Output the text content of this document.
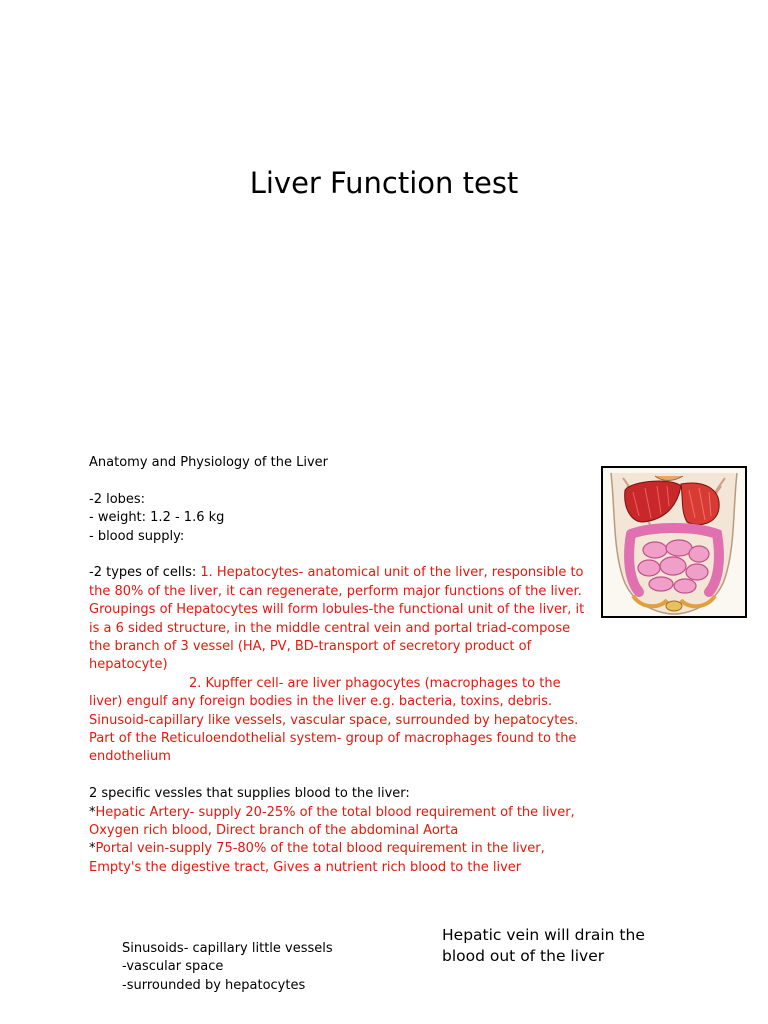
Liver Function test

Anatomy and Physiology of the Liver

-2 lobes:

- weight: 1.2 - 1.6 kg

- blood supply:

-2 types of cells: 1. Hepatocytes- anatomical unit of the liver, responsible to the 80% of the liver, it can regenerate, perform major functions of the liver. Groupings of Hepatocytes will form lobules-the functional unit of the liver, it is a 6 sided structure, in the middle central vein and portal triad-compose the branch of 3 vessel (HA, PV, BD-transport of secretory product of hepatocyte)

2. Kupffer cell- are liver phagocytes (macrophages to the liver) engulf any foreign bodies in the liver e.g. bacteria, toxins, debris.

Sinusoid-capillary like vessels, vascular space, surrounded by hepatocytes.

Part of the Reticuloendothelial system- group of macrophages found to the endothelium

2 specific vessles that supplies blood to the liver:

*Hepatic Artery- supply 20-25% of the total blood requirement of the liver, Oxygen rich blood, Direct branch of the abdominal Aorta

*Portal vein-supply 75-80% of the total blood requirement in the liver, Empty's the digestive tract, Gives a nutrient rich blood to the liver

Sinusoids- capillary little vessels

-vascular space

-surrounded by hepatocytes

Hepatic vein will drain the blood out of the liver
